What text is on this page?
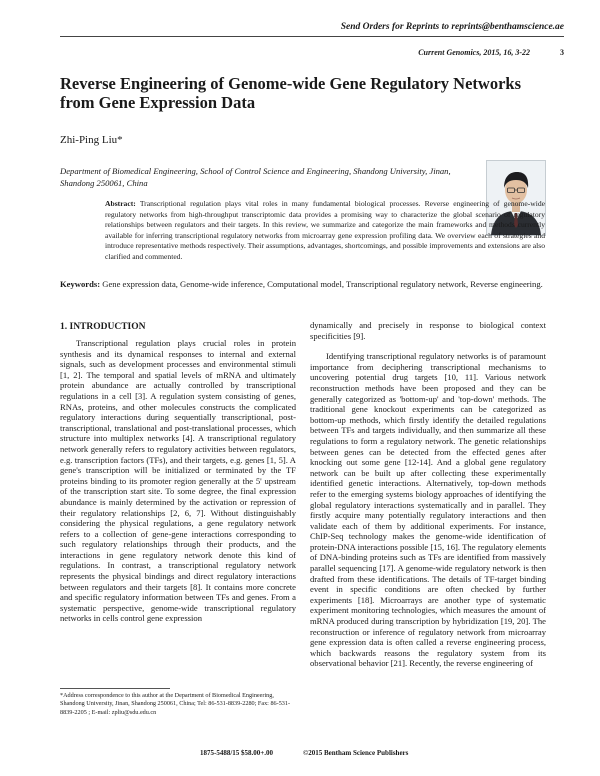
Send Orders for Reprints to reprints@benthamscience.ae
Current Genomics, 2015, 16, 3-22	3
Reverse Engineering of Genome-wide Gene Regulatory Networks from Gene Expression Data
Zhi-Ping Liu*
Department of Biomedical Engineering, School of Control Science and Engineering, Shandong University, Jinan, Shandong 250061, China
Abstract: Transcriptional regulation plays vital roles in many fundamental biological processes. Reverse engineering of genome-wide regulatory networks from high-throughput transcriptomic data provides a promising way to characterize the global scenario of regulatory relationships between regulators and their targets. In this review, we summarize and categorize the main frameworks and methods currently available for inferring transcriptional regulatory networks from microarray gene expression profiling data. We overview each of strategies and introduce representative methods respectively. Their assumptions, advantages, shortcomings, and possible improvements and extensions are also clarified and commented.
Keywords: Gene expression data, Genome-wide inference, Computational model, Transcriptional regulatory network, Reverse engineering.
1. INTRODUCTION

Transcriptional regulation plays crucial roles in protein synthesis and its dynamical responses to internal and external signals, such as development processes and environmental stimuli [1, 2]. The temporal and spatial levels of mRNA and ultimately protein abundance are actually controlled by transcriptional regulations in a cell [3]. A regulation system consisting of genes, RNAs, proteins, and other molecules constructs the complicated regulatory interactions during sequentially transcriptional, post-transcriptional, translational and post-translational processes, which structure into multiplex networks [4]. A transcriptional regulatory network generally refers to regulatory activities between regulators, e.g. transcription factors (TFs), and their targets, e.g. genes [1, 5]. A gene's transcription will be initialized or terminated by the TF proteins binding to its promoter region generally at the 5' upstream of the transcription start site. To some degree, the final expression abundance is mainly determined by the activation or repression of their regulatory relationships [2, 6, 7]. Without distinguishably considering the physical regulations, a gene regulatory network refers to a collection of gene-gene interactions corresponding to such regulatory relationships through their products, and the interactions in gene regulatory network denote this kind of regulations. In contrast, a transcriptional regulatory network represents the physical bindings and direct regulatory interactions between regulators and their targets [8]. It contains more concrete and specific regulatory information between TFs and genes. From a systematic perspective, genome-wide transcriptional regulatory networks in cells control gene expression

dynamically and precisely in response to biological context specificities [9].

Identifying transcriptional regulatory networks is of paramount importance from deciphering transcriptional mechanisms to uncovering potential drug targets [10, 11]. Various network reconstruction methods have been proposed and they can be generally categorized as 'bottom-up' and 'top-down' methods. The traditional gene knockout experiments can be categorized as bottom-up methods, which firstly identify the detailed regulations between TFs and targets individually, and then summarize all these regulations to form a regulatory network. The genetic relationships between genes can be detected from the effected genes after knocking out some gene [12-14]. And a global gene regulatory network can be built up after collecting these experimentally identified genetic interactions. Alternatively, top-down methods refer to the emerging systems biology approaches of identifying the global regulatory interactions systematically and in parallel. They firstly acquire many potentially regulatory interactions and then validate each of them by additional experiments. For instance, ChIP-Seq technology makes the genome-wide identification of protein-DNA interactions possible [15, 16]. The regulatory elements of DNA-binding proteins such as TFs are identified from massively parallel sequencing [17]. A genome-wide regulatory network is then drafted from these identifications. The details of TF-target binding event in specific conditions are often checked by further experiments [18]. Microarrays are another type of systematic experiment monitoring technologies, which measures the amount of mRNA produced during transcription by hybridization [19, 20]. The reconstruction or inference of regulatory network from microarray gene expression data is often called a reverse engineering process, which backwards reasons the regulatory system from its observational behavior [21]. Recently, the reverse engineering of

*Address correspondence to this author at the Department of Biomedical Engineering, Shandong University, Jinan, Shandong 250061, China; Tel: 86-531-8839-2280; Fax: 86-531-8839-2205 ; E-mail: zpliu@sdu.edu.cn
1875-5488/15 $58.00+.00	©2015 Bentham Science Publishers
